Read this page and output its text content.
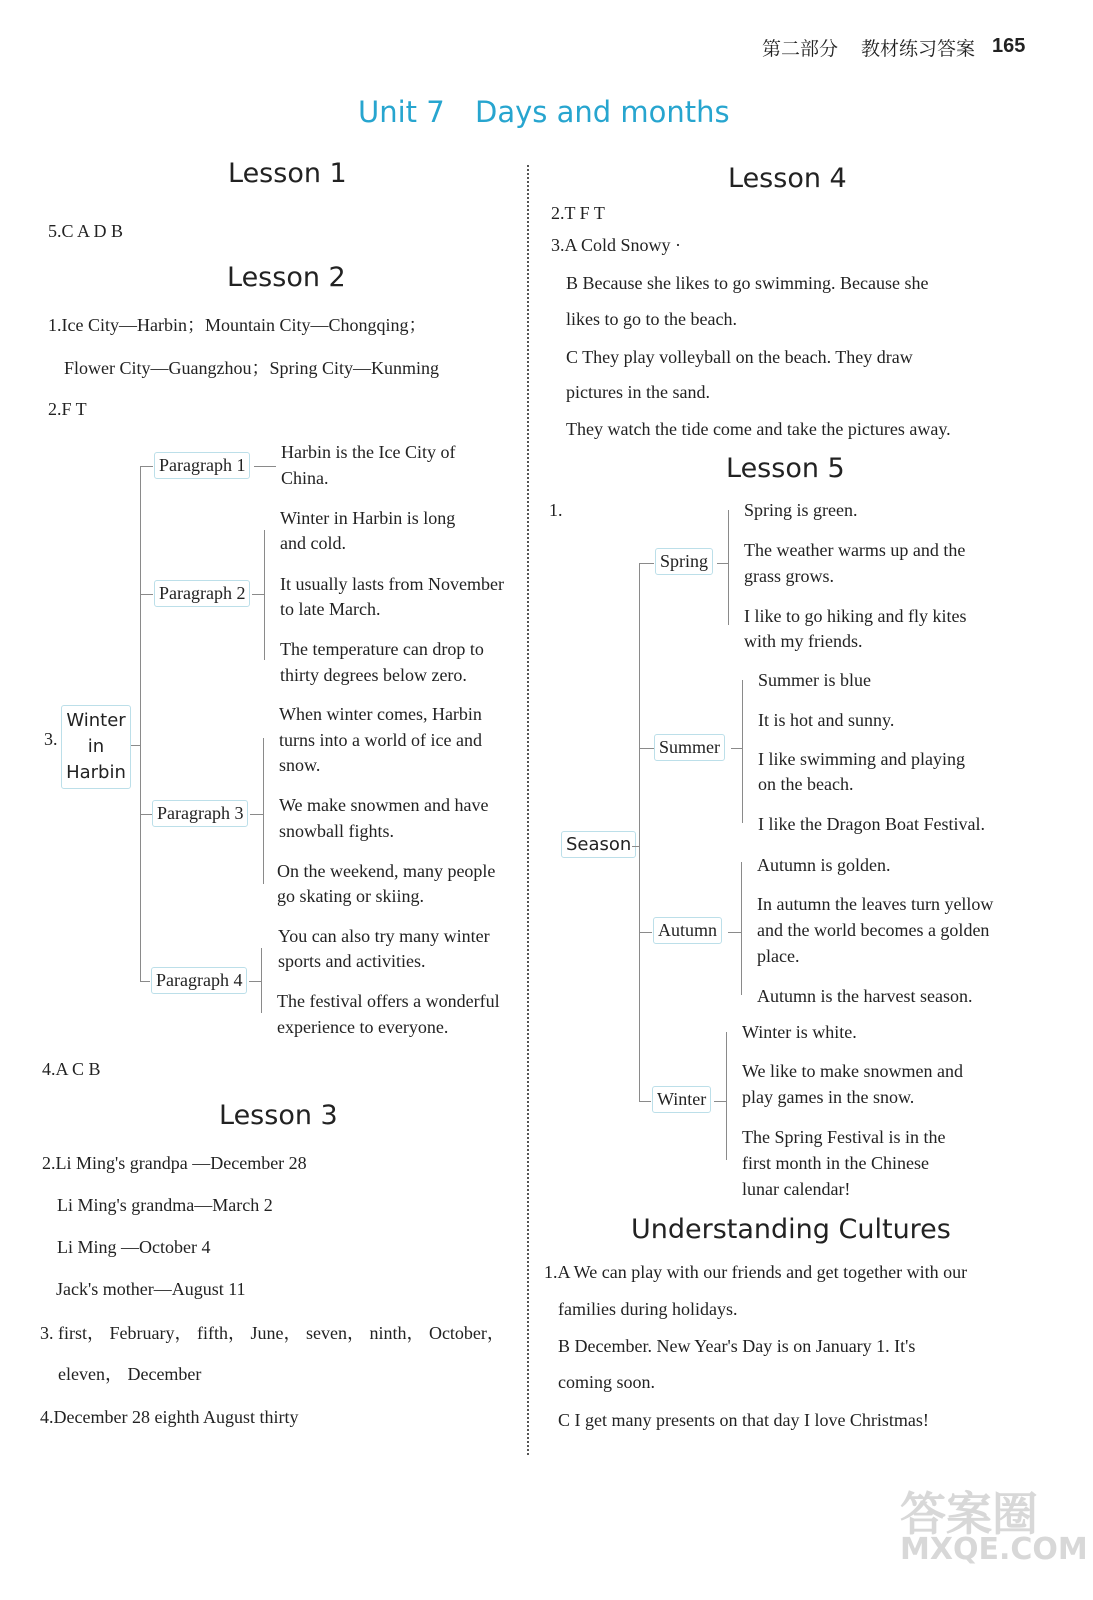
第二部分 教材练习答案 165
Unit 7 Days and months
Lesson 1
5.C A D B
Lesson 2
1.Ice City—Harbin；Mountain City—Chongqing；
Flower City—Guangzhou；Spring City—Kunming
2.F T
3.
Winter
in
Harbin
Paragraph 1
Harbin is the Ice City of
China.
Paragraph 2
Winter in Harbin is long
and cold.
It usually lasts from November
to late March.
The temperature can drop to
thirty degrees below zero.
Paragraph 3
When winter comes, Harbin
turns into a world of ice and
snow.
We make snowmen and have
snowball fights.
On the weekend, many people
go skating or skiing.
Paragraph 4
You can also try many winter
sports and activities.
The festival offers a wonderful
experience to everyone.
4.A C B
Lesson 3
2.Li Ming's grandpa —December 28
Li Ming's grandma—March 2
Li Ming —October 4
Jack's mother—August 11
3. first， February， fifth， June， seven， ninth， October，
eleven， December
4.December 28 eighth August thirty
Lesson 4
2.T F T
3.A Cold Snowy ·
B Because she likes to go swimming. Because she
likes to go to the beach.
C They play volleyball on the beach. They draw
pictures in the sand.
They watch the tide come and take the pictures away.
Lesson 5
1.
Season
Spring
Spring is green.
The weather warms up and the
grass grows.
I like to go hiking and fly kites
with my friends.
Summer
Summer is blue
It is hot and sunny.
I like swimming and playing
on the beach.
I like the Dragon Boat Festival.
Autumn
Autumn is golden.
In autumn the leaves turn yellow
and the world becomes a golden
place.
Autumn is the harvest season.
Winter
Winter is white.
We like to make snowmen and
play games in the snow.
The Spring Festival is in the
first month in the Chinese
lunar calendar!
Understanding Cultures
1.A We can play with our friends and get together with our
families during holidays.
B December. New Year's Day is on January 1. It's
coming soon.
C I get many presents on that day I love Christmas!
答案圈
MXQE.COM
